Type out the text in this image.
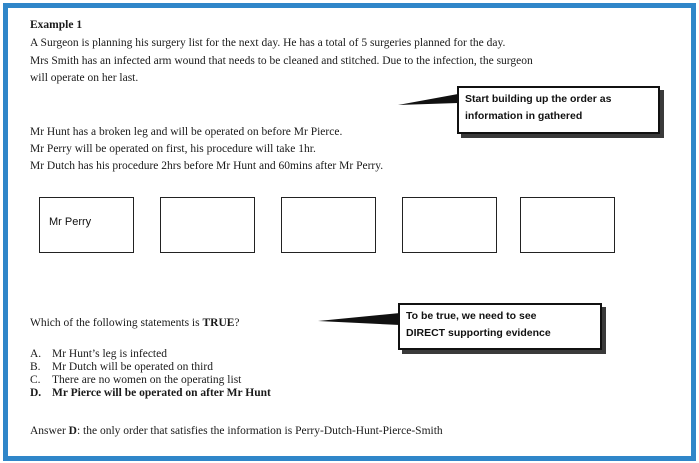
Example 1
A Surgeon is planning his surgery list for the next day. He has a total of 5 surgeries planned for the day.
Mrs Smith has an infected arm wound that needs to be cleaned and stitched. Due to the infection, the surgeon
will operate on her last.
Start building up the order as
information in gathered
Mr Hunt has a broken leg and will be operated on before Mr Pierce.
Mr Perry will be operated on first, his procedure will take 1hr.
Mr Dutch has his procedure 2hrs before Mr Hunt and 60mins after Mr Perry.
Mr Perry
Which of the following statements is TRUE?
To be true, we need to see
DIRECT supporting evidence
A. Mr Hunt’s leg is infected
B. Mr Dutch will be operated on third
C. There are no women on the operating list
D. Mr Pierce will be operated on after Mr Hunt
Answer D: the only order that satisfies the information is Perry-Dutch-Hunt-Pierce-Smith
